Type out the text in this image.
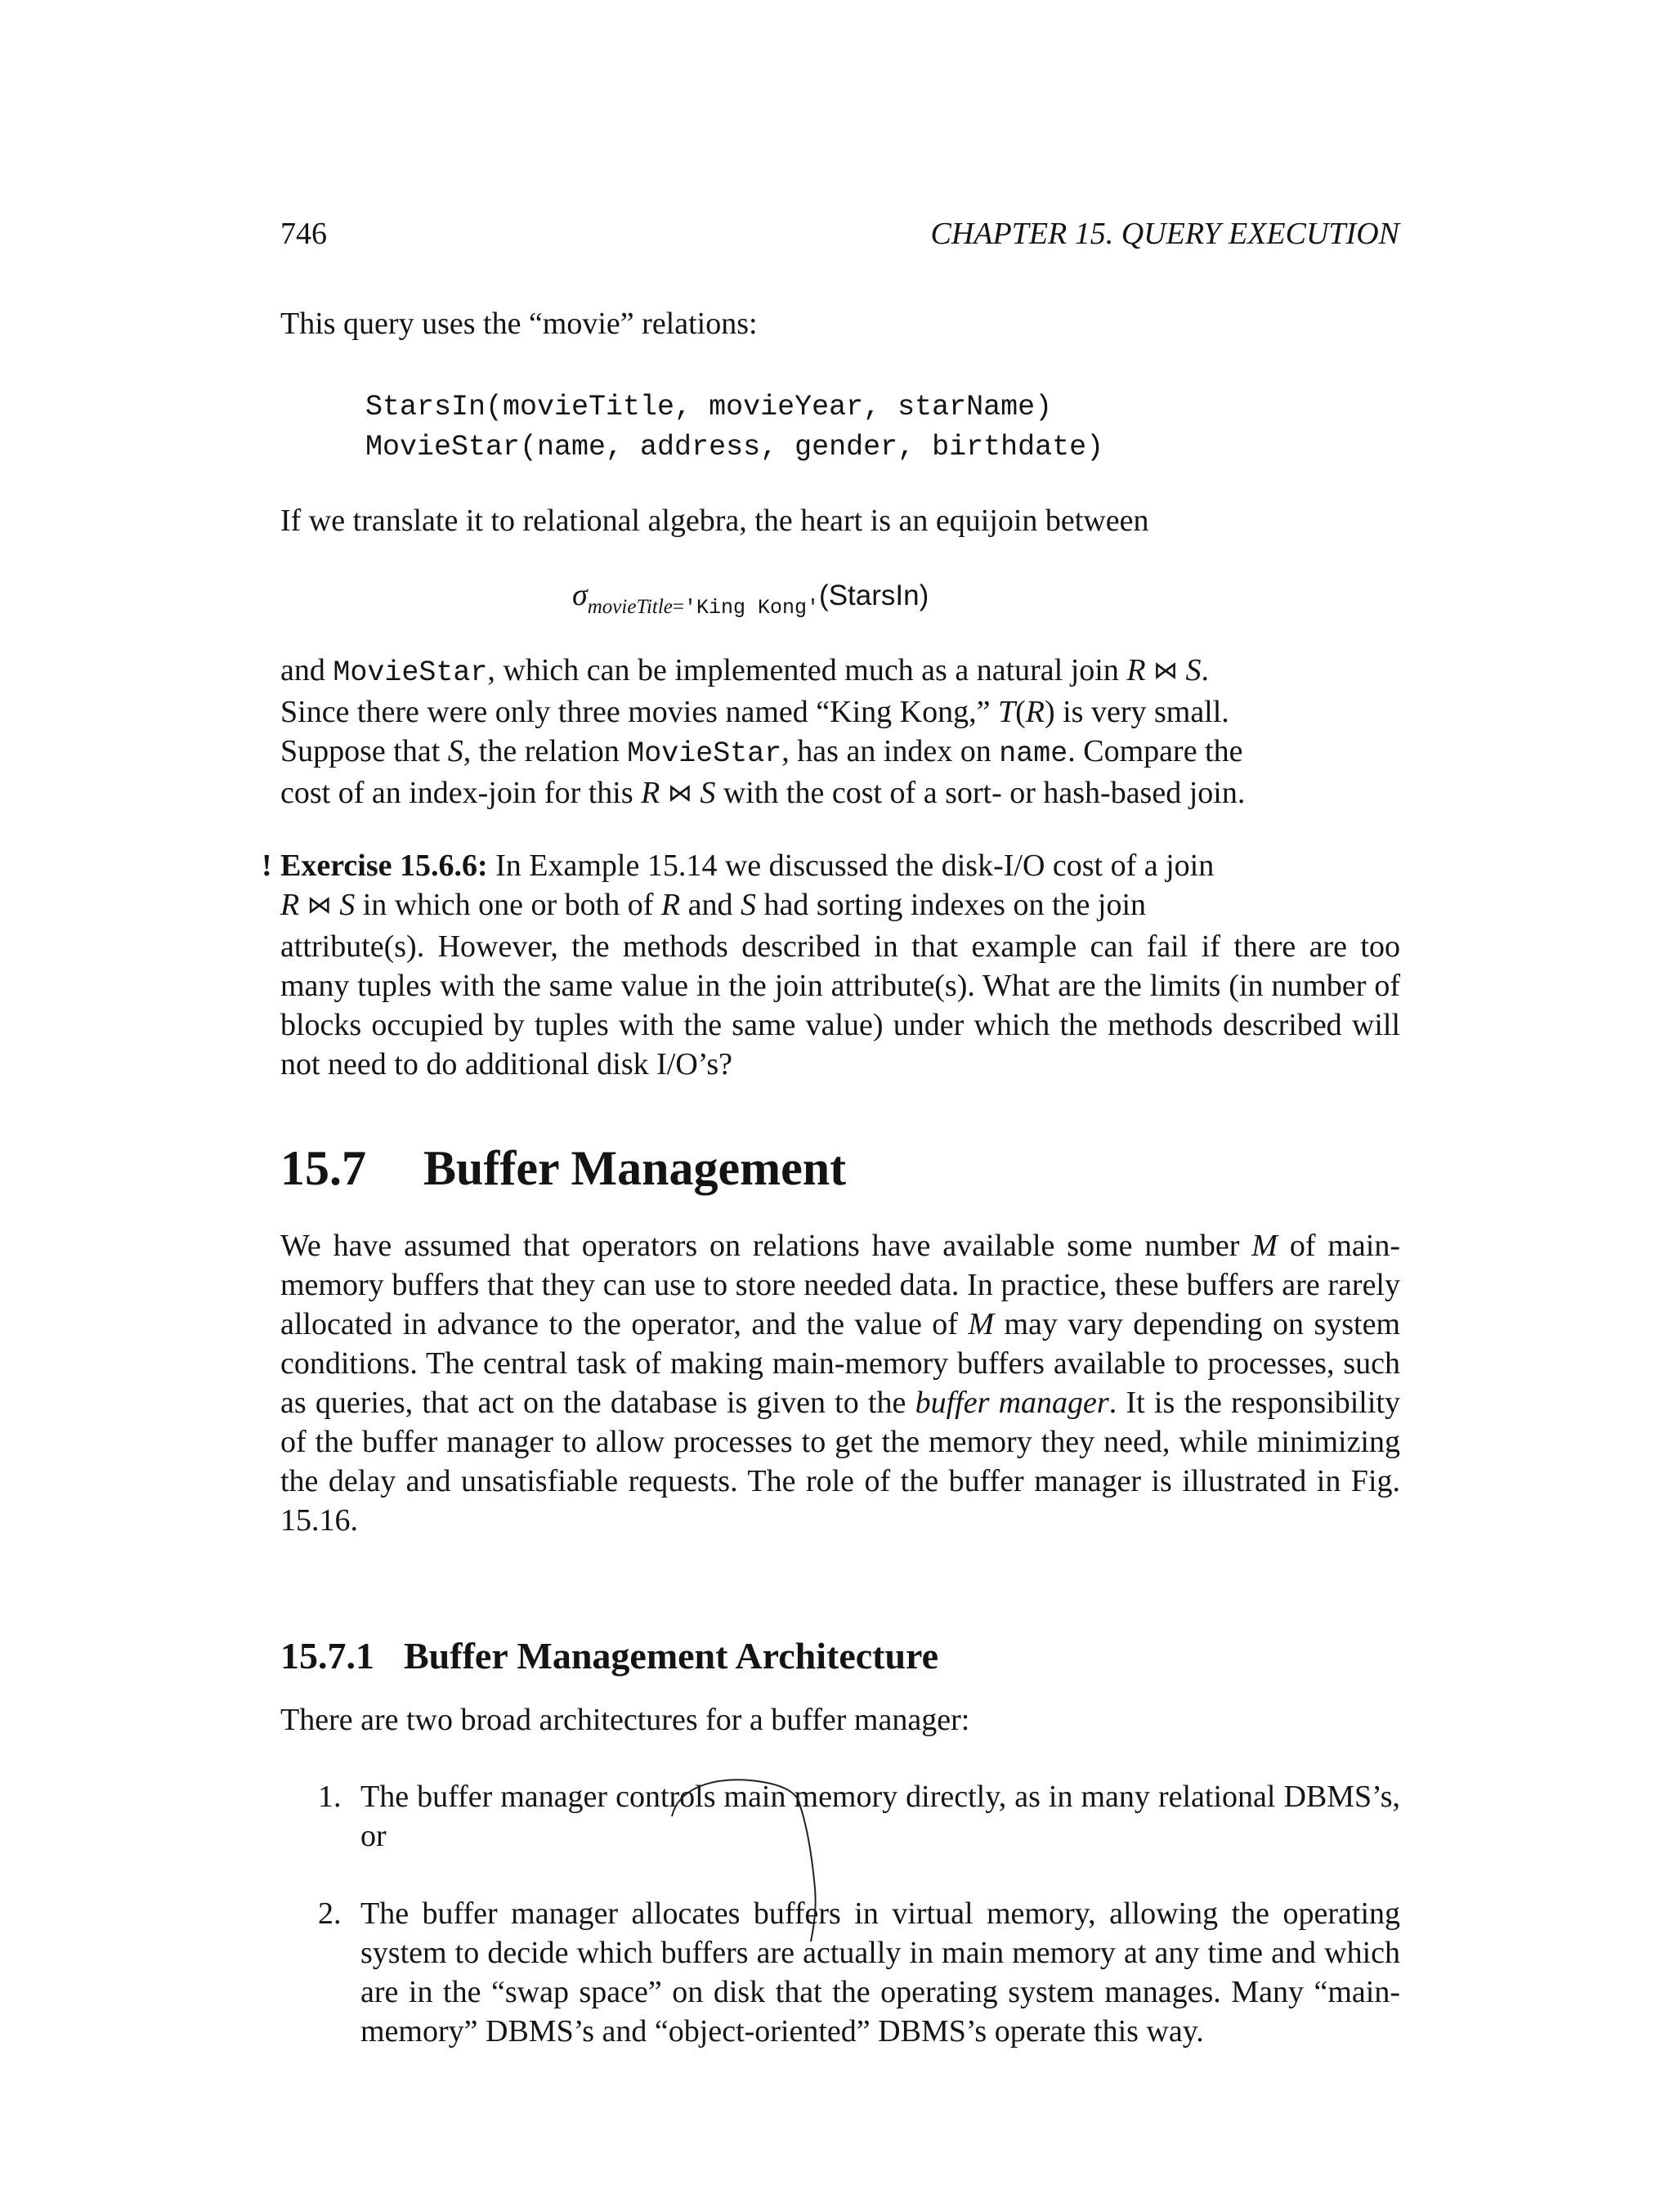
746	CHAPTER 15. QUERY EXECUTION
This query uses the “movie” relations:
StarsIn(movieTitle, movieYear, starName)
MovieStar(name, address, gender, birthdate)
If we translate it to relational algebra, the heart is an equijoin between
$\sigma_{movieTitle='King Kong'}(StarsIn)$
and MovieStar, which can be implemented much as a natural join R ⋈ S.
Since there were only three movies named “King Kong,” T(R) is very small.
Suppose that S, the relation MovieStar, has an index on name. Compare the
cost of an index-join for this R ⋈ S with the cost of a sort- or hash-based join.
! Exercise 15.6.6: In Example 15.14 we discussed the disk-I/O cost of a join
R ⋈ S in which one or both of R and S had sorting indexes on the join
attribute(s). However, the methods described in that example can fail if there are too many tuples with the same value in the join attribute(s). What are the limits (in number of blocks occupied by tuples with the same value) under which the methods described will not need to do additional disk I/O’s?
15.7 Buffer Management
We have assumed that operators on relations have available some number M of main-memory buffers that they can use to store needed data. In practice, these buffers are rarely allocated in advance to the operator, and the value of M may vary depending on system conditions. The central task of making main-memory buffers available to processes, such as queries, that act on the database is given to the buffer manager. It is the responsibility of the buffer manager to allow processes to get the memory they need, while minimizing the delay and unsatisfiable requests. The role of the buffer manager is illustrated in Fig. 15.16.
15.7.1 Buffer Management Architecture
There are two broad architectures for a buffer manager:
1. The buffer manager controls main memory directly, as in many relational DBMS’s, or
2. The buffer manager allocates buffers in virtual memory, allowing the operating system to decide which buffers are actually in main memory at any time and which are in the “swap space” on disk that the operating system manages. Many “main-memory” DBMS’s and “object-oriented” DBMS’s operate this way.
